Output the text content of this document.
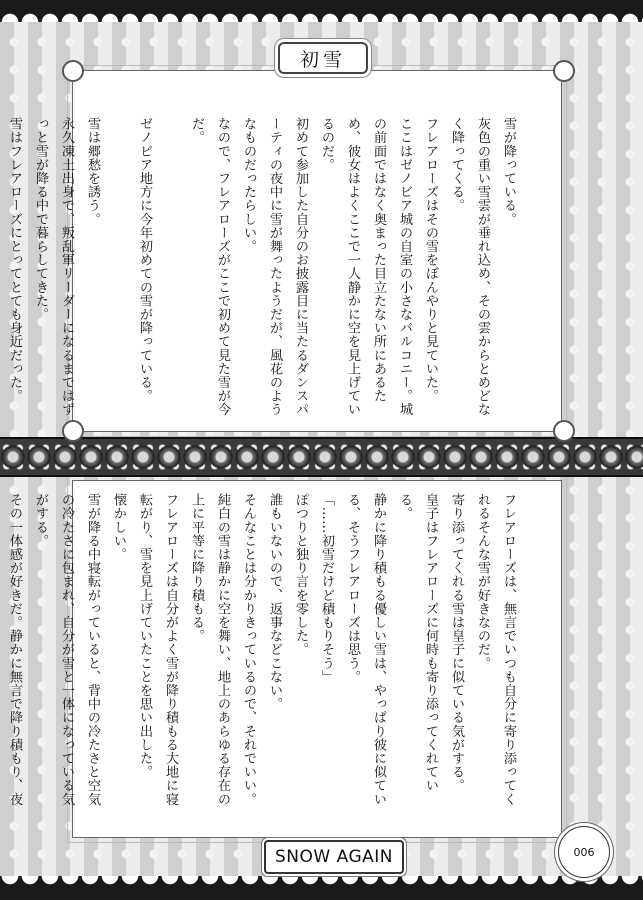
雪が降っている。
灰色の重い雪雲が垂れ込め、その雲からとめどなく降ってくる。
フレアローズはその雪をぼんやりと見ていた。
ここはゼノビア城の自室の小さなバルコニー。城の前面ではなく奥まった目立たない所にあるため、彼女はよくここで一人静かに空を見上げているのだ。
初めて参加した自分のお披露目に当たるダンスパーティの夜中に雪が舞ったようだが、風花のようなものだったらしい。
なので、フレアローズがここで初めて見た雪が今だ。
ゼノビア地方に今年初めての雪が降っている。
雪は郷愁を誘う。
永久凍土出身で、叛乱軍リーダーになるまではずっと雪が降る中で暮らしてきた。
雪はフレアローズにとってとても身近だった。

初雪
フレアローズは、無言でいつも自分に寄り添ってくれるそんな雪が好きなのだ。
寄り添ってくれる雪は皇子に似ている気がする。
皇子はフレアローズに何時も寄り添ってくれている。
静かに降り積もる優しい雪は、やっぱり彼に似ている、そうフレアローズは思う。
「……初雪だけど積もりそう」
ぽつりと独り言を零した。
誰もいないので、返事などこない。
そんなことは分かりきっているので、それでいい。
純白の雪は静かに空を舞い、地上のあらゆる存在の上に平等に降り積もる。
フレアローズは自分がよく雪が降り積もる大地に寝転がり、雪を見上げていたことを思い出した。
懐かしい。
雪が降る中寝転がっていると、背中の冷たさと空気の冷たさに包まれ、自分が雪と一体になっている気がする。
その一体感が好きだ。静かに無言で降り積もり、夜

SNOW AGAIN	006
